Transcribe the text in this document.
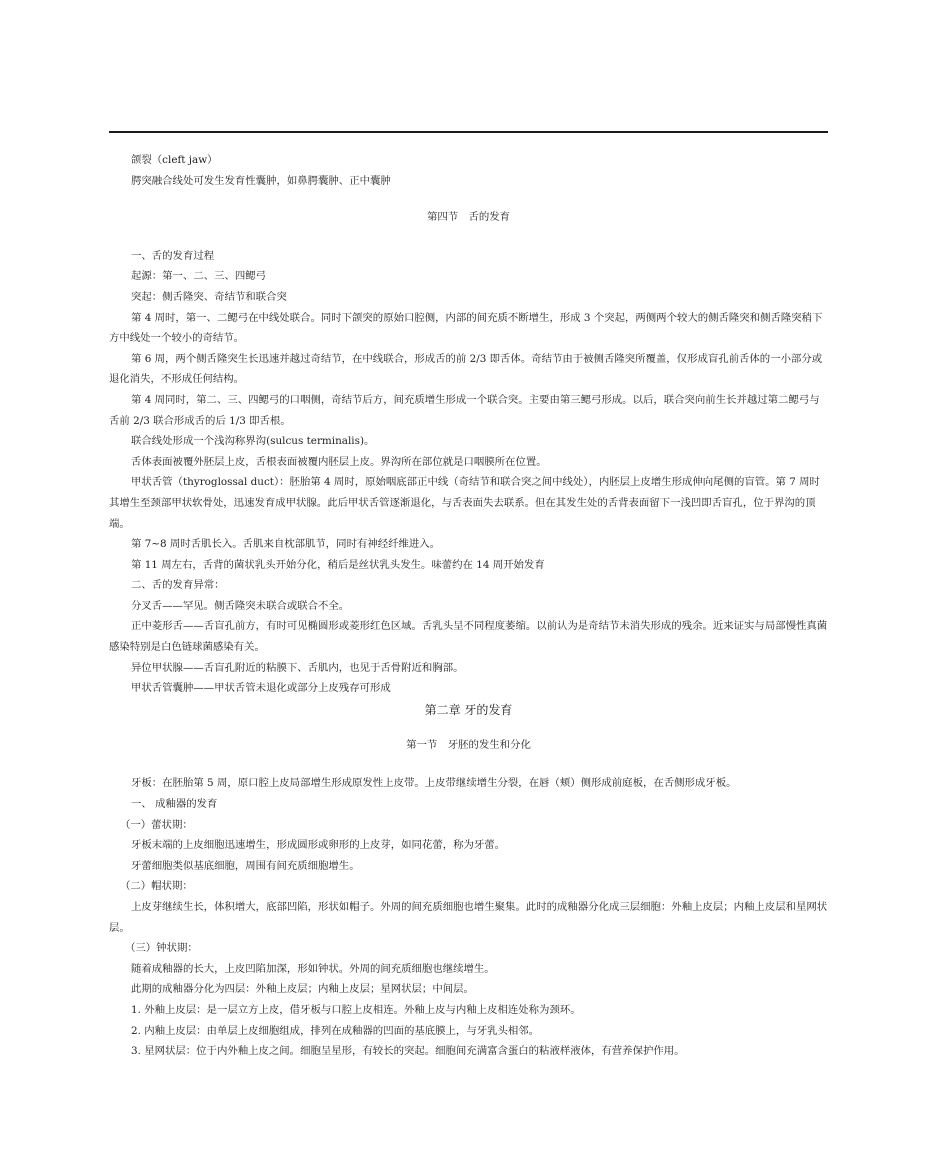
颌裂（cleft jaw）

腭突融合线处可发生发育性囊肿，如鼻腭囊肿、正中囊肿

第四节　舌的发育

一、舌的发育过程

起源：第一、二、三、四鳃弓

突起：侧舌隆突、奇结节和联合突

第 4 周时，第一、二鳃弓在中线处联合。同时下颌突的原始口腔侧，内部的间充质不断增生，形成 3 个突起，两侧两个较大的侧舌隆突和侧舌隆突稍下方中线处一个较小的奇结节。

第 6 周，两个侧舌隆突生长迅速并越过奇结节，在中线联合，形成舌的前 2/3 即舌体。奇结节由于被侧舌隆突所覆盖，仅形成盲孔前舌体的一小部分或退化消失，不形成任何结构。

第 4 周同时，第二、三、四鳃弓的口咽侧，奇结节后方，间充质增生形成一个联合突。主要由第三鳃弓形成。以后，联合突向前生长并越过第二鳃弓与舌前 2/3 联合形成舌的后 1/3 即舌根。

联合线处形成一个浅沟称界沟(sulcus terminalis)。

舌体表面被覆外胚层上皮，舌根表面被覆内胚层上皮。界沟所在部位就是口咽膜所在位置。

甲状舌管（thyroglossal duct）：胚胎第 4 周时，原始咽底部正中线（奇结节和联合突之间中线处），内胚层上皮增生形成伸向尾侧的盲管。第 7 周时其增生至颈部甲状软骨处，迅速发育成甲状腺。此后甲状舌管逐渐退化，与舌表面失去联系。但在其发生处的舌背表面留下一浅凹即舌盲孔，位于界沟的顶端。

第 7~8 周时舌肌长入。舌肌来自枕部肌节，同时有神经纤维进入。

第 11 周左右，舌背的菌状乳头开始分化，稍后是丝状乳头发生。味蕾约在 14 周开始发育

二、舌的发育异常：

分叉舌——罕见。侧舌隆突未联合或联合不全。

正中菱形舌——舌盲孔前方，有时可见椭圆形或菱形红色区域。舌乳头呈不同程度萎缩。以前认为是奇结节未消失形成的残余。近来证实与局部慢性真菌感染特别是白色链球菌感染有关。

异位甲状腺——舌盲孔附近的粘膜下、舌肌内，也见于舌骨附近和胸部。

甲状舌管囊肿——甲状舌管未退化或部分上皮残存可形成

第二章 牙的发育

第一节　牙胚的发生和分化

牙板：在胚胎第 5 周，原口腔上皮局部增生形成原发性上皮带。上皮带继续增生分裂，在唇（颊）侧形成前庭板，在舌侧形成牙板。

一、 成釉器的发育

（一）蕾状期：

牙板末端的上皮细胞迅速增生，形成圆形或卵形的上皮芽，如同花蕾，称为牙蕾。

牙蕾细胞类似基底细胞，周围有间充质细胞增生。

（二）帽状期：

上皮芽继续生长，体积增大，底部凹陷，形状如帽子。外周的间充质细胞也增生聚集。此时的成釉器分化成三层细胞：外釉上皮层；内釉上皮层和星网状层。

（三）钟状期：

随着成釉器的长大，上皮凹陷加深，形如钟状。外周的间充质细胞也继续增生。

此期的成釉器分化为四层：外釉上皮层；内釉上皮层；星网状层；中间层。

1. 外釉上皮层：是一层立方上皮，借牙板与口腔上皮相连。外釉上皮与内釉上皮相连处称为颈环。

2. 内釉上皮层：由单层上皮细胞组成，排列在成釉器的凹面的基底膜上，与牙乳头相邻。

3. 星网状层：位于内外釉上皮之间。细胞呈星形，有较长的突起。细胞间充满富含蛋白的粘液样液体，有营养保护作用。
